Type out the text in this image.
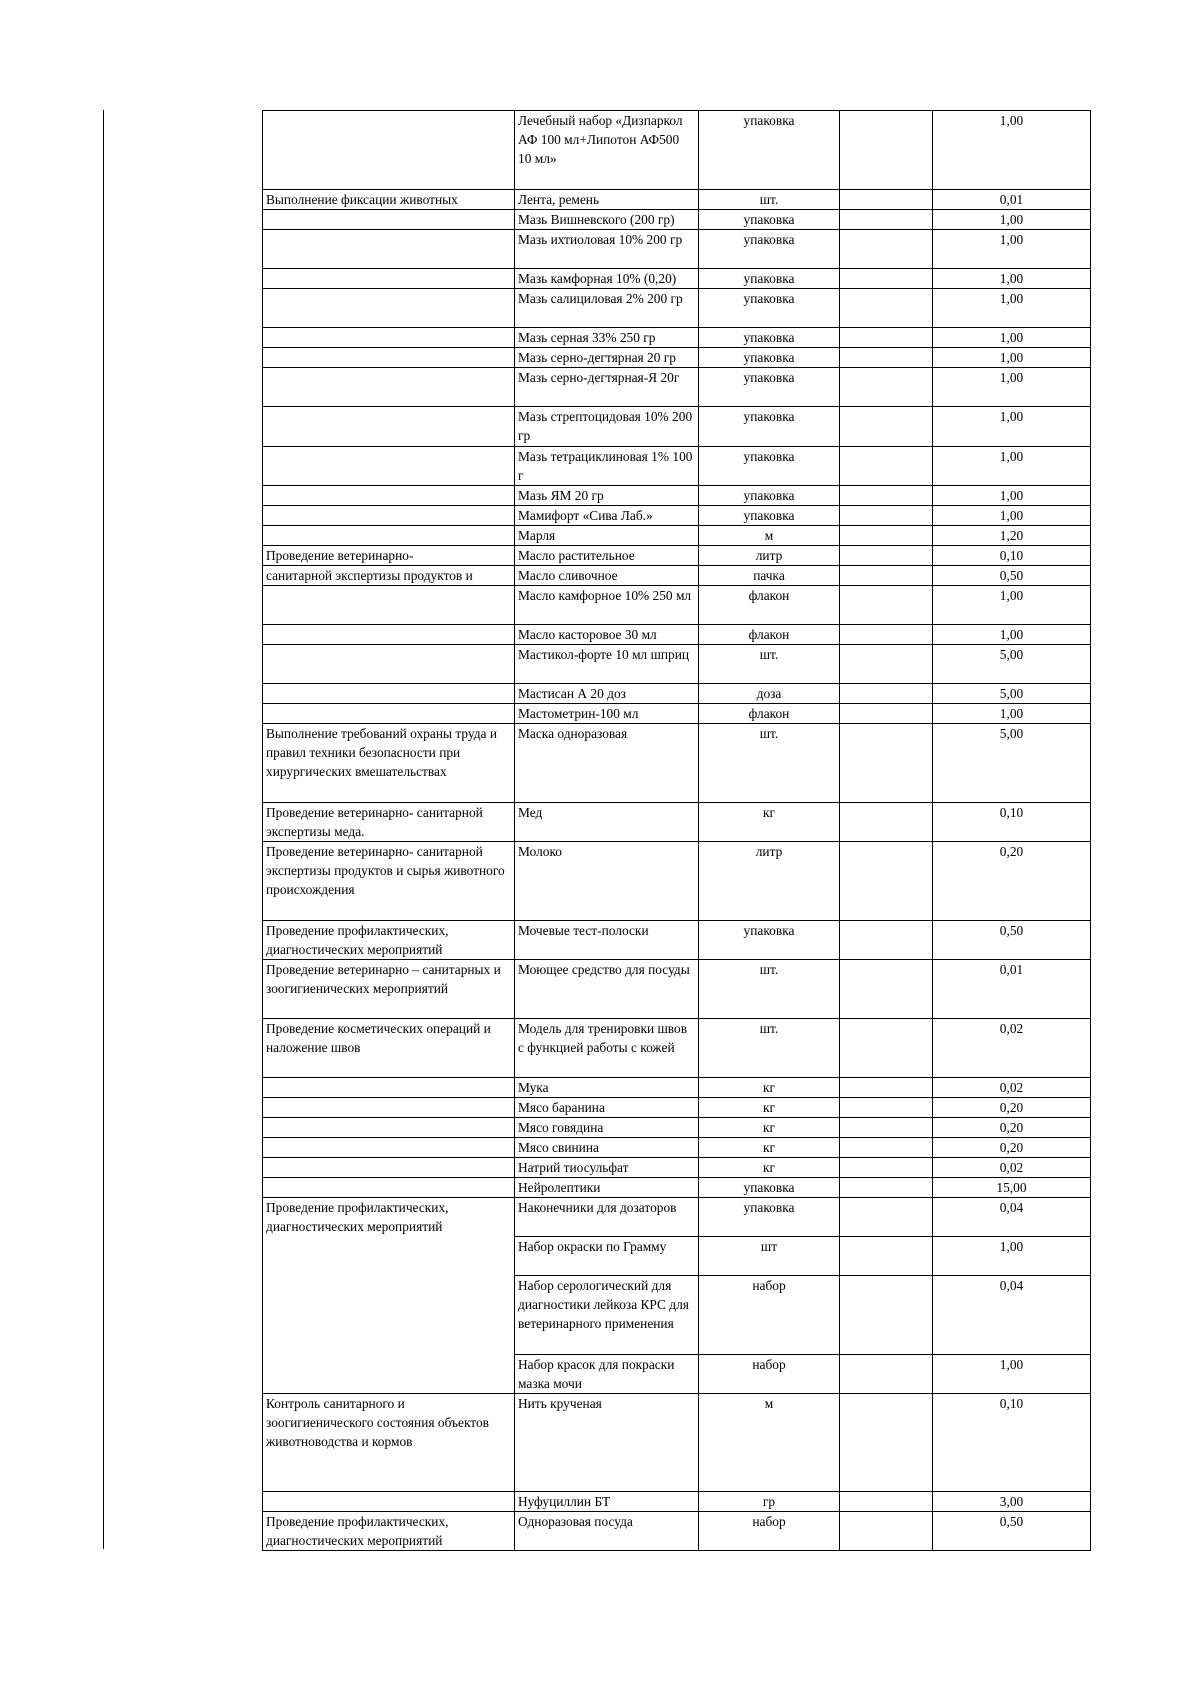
	Лечебный набор «Дизпаркол АФ 100 мл+Липотон АФ500 10 мл»	упаковка		1,00
Выполнение фиксации животных	Лента, ремень	шт.		0,01
	Мазь Вишневского (200 гр)	упаковка		1,00
	Мазь ихтиоловая 10% 200 гр	упаковка		1,00
	Мазь камфорная 10% (0,20)	упаковка		1,00
	Мазь салициловая 2% 200 гр	упаковка		1,00
	Мазь серная 33% 250 гр	упаковка		1,00
	Мазь серно-дегтярная 20 гр	упаковка		1,00
	Мазь серно-дегтярная-Я 20г	упаковка		1,00
	Мазь стрептоцидовая 10% 200 гр	упаковка		1,00
	Мазь тетрациклиновая 1% 100 г	упаковка		1,00
	Мазь ЯМ 20 гр	упаковка		1,00
	Мамифорт «Сива Лаб.»	упаковка		1,00
	Марля	м		1,20
Проведение ветеринарно-	Масло растительное	литр		0,10
санитарной экспертизы продуктов и	Масло сливочное	пачка		0,50
	Масло камфорное 10% 250 мл	флакон		1,00
	Масло касторовое 30 мл	флакон		1,00
	Мастикол-форте 10 мл шприц	шт.		5,00
	Мастисан А 20 доз	доза		5,00
	Мастометрин-100 мл	флакон		1,00
Выполнение требований охраны труда и правил техники безопасности при хирургических вмешательствах	Маска одноразовая	шт.		5,00
Проведение ветеринарно- санитарной экспертизы меда.	Мед	кг		0,10
Проведение ветеринарно- санитарной экспертизы продуктов и сырья животного происхождения	Молоко	литр		0,20
Проведение профилактических, диагностических мероприятий	Мочевые тест-полоски	упаковка		0,50
Проведение ветеринарно – санитарных и зоогигиенических мероприятий	Моющее средство для посуды	шт.		0,01
Проведение косметических операций и наложение швов	Модель для тренировки швов с функцией работы с кожей	шт.		0,02
	Мука	кг		0,02
	Мясо баранина	кг		0,20
	Мясо говядина	кг		0,20
	Мясо свинина	кг		0,20
	Натрий тиосульфат	кг		0,02
	Нейролептики	упаковка		15,00
Проведение профилактических, диагностических мероприятий	Наконечники для дозаторов	упаковка		0,04
	Набор окраски по Грамму	шт		1,00
	Набор серологический для диагностики лейкоза КРС для ветеринарного применения	набор		0,04
	Набор красок для покраски мазка мочи	набор		1,00
Контроль санитарного и зоогигиенического состояния объектов животноводства и кормов	Нить крученая	м		0,10
	Нуфуциллин БТ	гр		3,00
Проведение профилактических, диагностических мероприятий	Одноразовая посуда	набор		0,50
